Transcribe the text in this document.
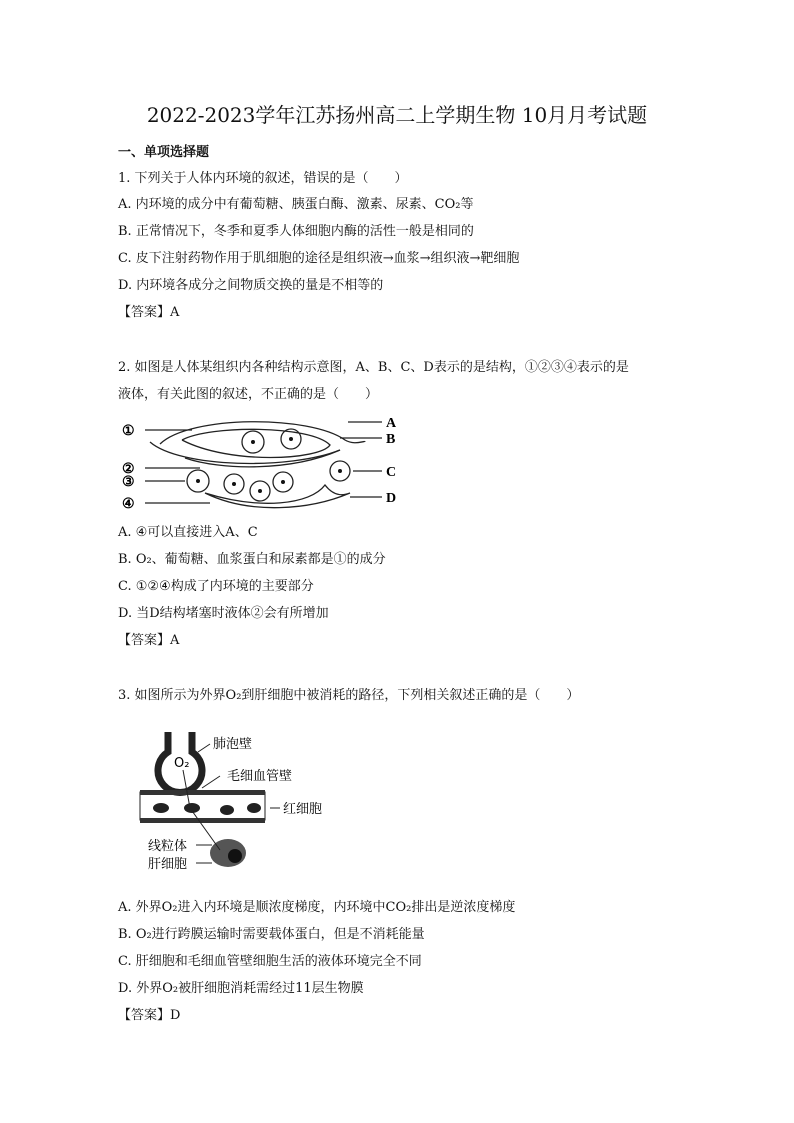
2022-2023学年江苏扬州高二上学期生物 10月月考试题
一、单项选择题
1. 下列关于人体内环境的叙述，错误的是（　　）
A. 内环境的成分中有葡萄糖、胰蛋白酶、激素、尿素、CO₂等
B. 正常情况下，冬季和夏季人体细胞内酶的活性一般是相同的
C. 皮下注射药物作用于肌细胞的途径是组织液→血浆→组织液→靶细胞
D. 内环境各成分之间物质交换的量是不相等的
【答案】A
2. 如图是人体某组织内各种结构示意图，A、B、C、D表示的是结构，①②③④表示的是
液体，有关此图的叙述，不正确的是（　　）
①
②
③
④
A
B
C
D
A. ④可以直接进入A、C
B. O₂、葡萄糖、血浆蛋白和尿素都是①的成分
C. ①②④构成了内环境的主要部分
D. 当D结构堵塞时液体②会有所增加
【答案】A
3. 如图所示为外界O₂到肝细胞中被消耗的路径，下列相关叙述正确的是（　　）
O₂
肺泡壁
毛细血管壁
红细胞
线粒体
肝细胞
A. 外界O₂进入内环境是顺浓度梯度，内环境中CO₂排出是逆浓度梯度
B. O₂进行跨膜运输时需要载体蛋白，但是不消耗能量
C. 肝细胞和毛细血管壁细胞生活的液体环境完全不同
D. 外界O₂被肝细胞消耗需经过11层生物膜
【答案】D
